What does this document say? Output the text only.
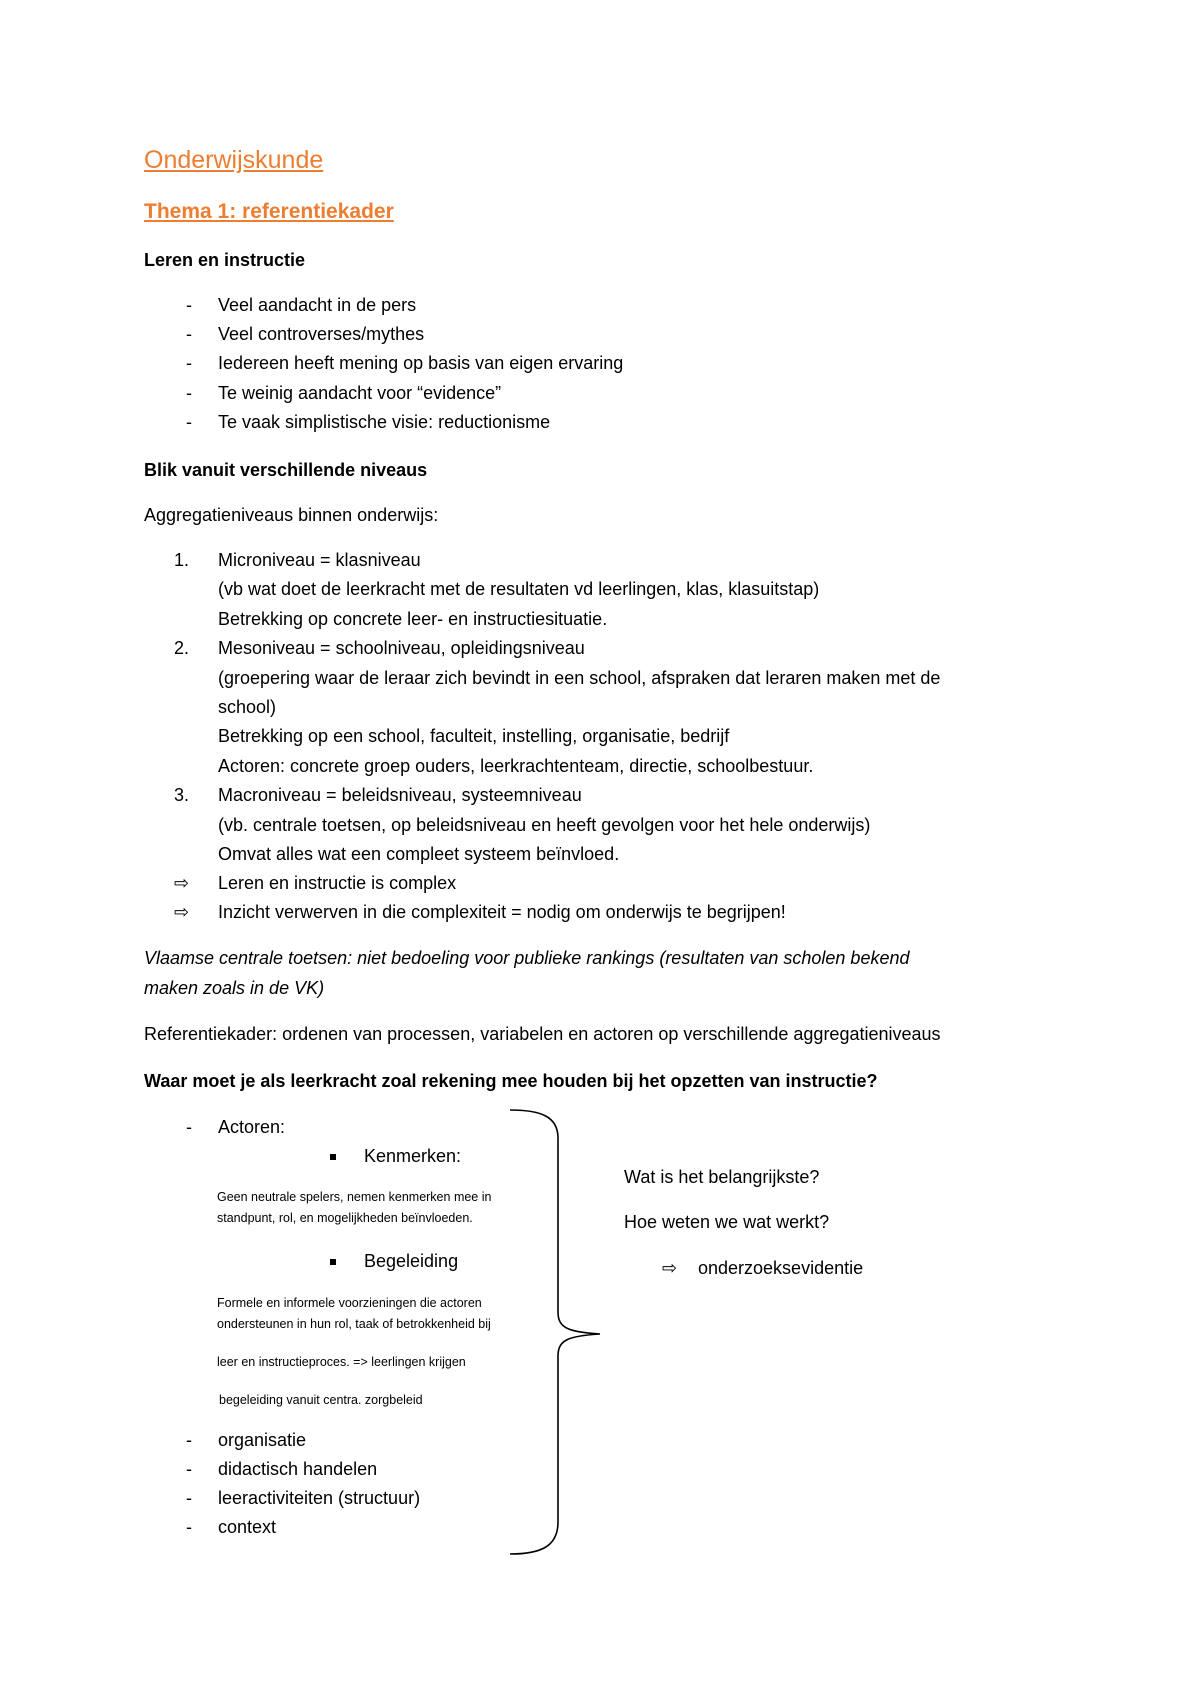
Onderwijskunde
Thema 1: referentiekader
Leren en instructie
- Veel aandacht in de pers
- Veel controverses/mythes
- Iedereen heeft mening op basis van eigen ervaring
- Te weinig aandacht voor “evidence”
- Te vaak simplistische visie: reductionisme
Blik vanuit verschillende niveaus
Aggregatieniveaus binnen onderwijs:
1. Microniveau = klasniveau
(vb wat doet de leerkracht met de resultaten vd leerlingen, klas, klasuitstap)
Betrekking op concrete leer- en instructiesituatie.
2. Mesoniveau = schoolniveau, opleidingsniveau
(groepering waar de leraar zich bevindt in een school, afspraken dat leraren maken met de
school)
Betrekking op een school, faculteit, instelling, organisatie, bedrijf
Actoren: concrete groep ouders, leerkrachtenteam, directie, schoolbestuur.
3. Macroniveau = beleidsniveau, systeemniveau
(vb. centrale toetsen, op beleidsniveau en heeft gevolgen voor het hele onderwijs)
Omvat alles wat een compleet systeem beïnvloed.
⇨ Leren en instructie is complex
⇨ Inzicht verwerven in die complexiteit = nodig om onderwijs te begrijpen!
Vlaamse centrale toetsen: niet bedoeling voor publieke rankings (resultaten van scholen bekend
maken zoals in de VK)
Referentiekader: ordenen van processen, variabelen en actoren op verschillende aggregatieniveaus
Waar moet je als leerkracht zoal rekening mee houden bij het opzetten van instructie?
- Actoren:
Kenmerken:
Geen neutrale spelers, nemen kenmerken mee in
standpunt, rol, en mogelijkheden beïnvloeden.
Begeleiding
Formele en informele voorzieningen die actoren
ondersteunen in hun rol, taak of betrokkenheid bij
leer en instructieproces. => leerlingen krijgen
begeleiding vanuit centra. zorgbeleid
- organisatie
- didactisch handelen
- leeractiviteiten (structuur)
- context
Wat is het belangrijkste?
Hoe weten we wat werkt?
⇨ onderzoeksevidentie
